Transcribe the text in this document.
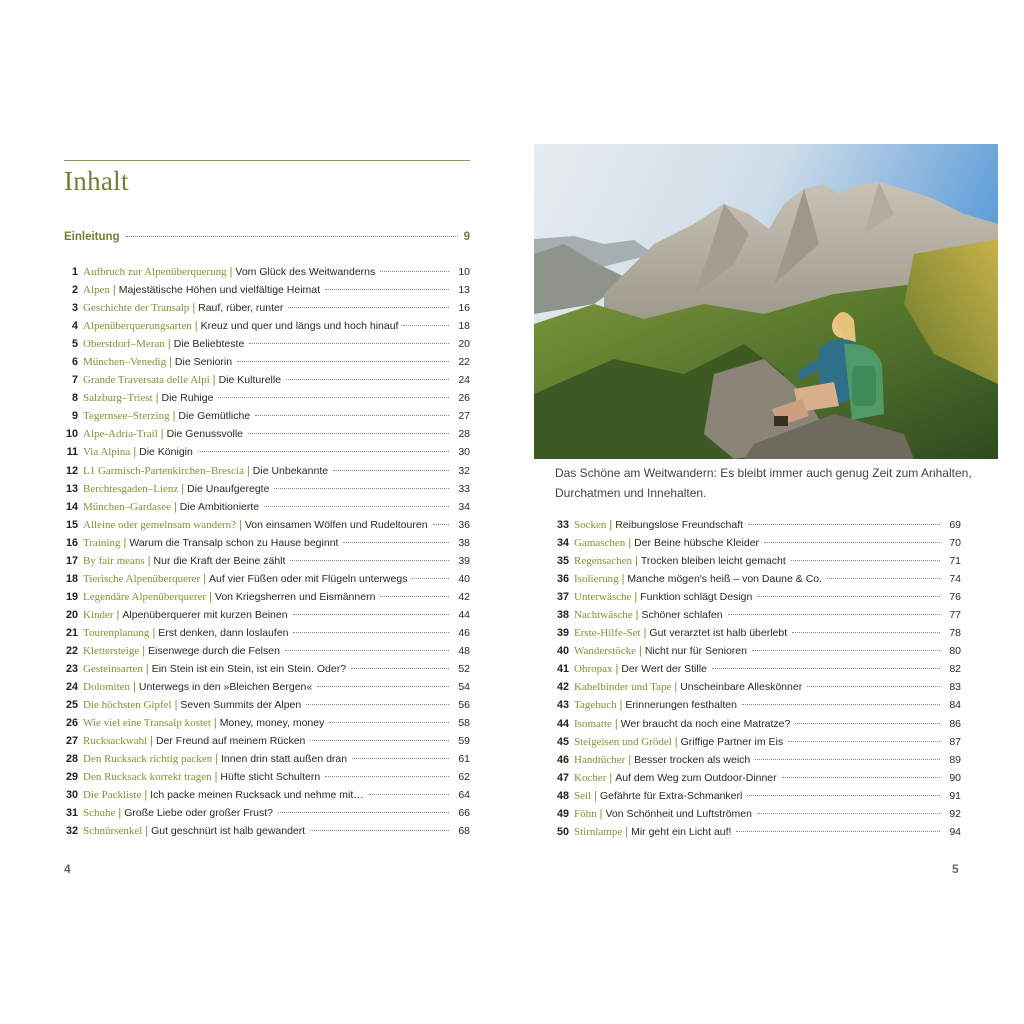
Inhalt
Einleitung	9
1 Aufbruch zur Alpenüberquerung | Vom Glück des Weitwanderns	10
2 Alpen | Majestätische Höhen und vielfältige Heimat	13
3 Geschichte der Transalp | Rauf, rüber, runter	16
4 Alpenüberquerungsarten | Kreuz und quer und längs und hoch hinauf	18
5 Oberstdorf–Meran | Die Beliebteste	20
6 München–Venedig | Die Seniorin	22
7 Grande Traversata delle Alpi | Die Kulturelle	24
8 Salzburg–Triest | Die Ruhige	26
9 Tegernsee–Sterzing | Die Gemütliche	27
10 Alpe-Adria-Trail | Die Genussvolle	28
11 Via Alpina | Die Königin	30
12 L1 Garmisch-Partenkirchen–Brescia | Die Unbekannte	32
13 Berchtesgaden–Lienz | Die Unaufgeregte	33
14 München–Gardasee | Die Ambitionierte	34
15 Alleine oder gemeinsam wandern? | Von einsamen Wölfen und Rudeltouren	36
16 Training | Warum die Transalp schon zu Hause beginnt	38
17 By fair means | Nur die Kraft der Beine zählt	39
18 Tierische Alpenüberquerer | Auf vier Füßen oder mit Flügeln unterwegs	40
19 Legendäre Alpenüberquerer | Von Kriegsherren und Eismännern	42
20 Kinder | Alpenüberquerer mit kurzen Beinen	44
21 Tourenplanung | Erst denken, dann loslaufen	46
22 Klettersteige | Eisenwege durch die Felsen	48
23 Gesteinsarten | Ein Stein ist ein Stein, ist ein Stein. Oder?	52
24 Dolomiten | Unterwegs in den »Bleichen Bergen«	54
25 Die höchsten Gipfel | Seven Summits der Alpen	56
26 Wie viel eine Transalp kostet | Money, money, money	58
27 Rucksackwahl | Der Freund auf meinem Rücken	59
28 Den Rucksack richtig packen | Innen drin statt außen dran	61
29 Den Rucksack korrekt tragen | Hüfte sticht Schultern	62
30 Die Packliste | Ich packe meinen Rucksack und nehme mit…	64
31 Schuhe | Große Liebe oder großer Frust?	66
32 Schnürsenkel | Gut geschnürt ist halb gewandert	68
Das Schöne am Weitwandern: Es bleibt immer auch genug Zeit zum Anhalten, Durchatmen und Innehalten.
33 Socken | Reibungslose Freundschaft	69
34 Gamaschen | Der Beine hübsche Kleider	70
35 Regensachen | Trocken bleiben leicht gemacht	71
36 Isolierung | Manche mögen's heiß – von Daune & Co.	74
37 Unterwäsche | Funktion schlägt Design	76
38 Nachtwäsche | Schöner schlafen	77
39 Erste-Hilfe-Set | Gut verarztet ist halb überlebt	78
40 Wanderstöcke | Nicht nur für Senioren	80
41 Ohropax | Der Wert der Stille	82
42 Kabelbinder und Tape | Unscheinbare Alleskönner	83
43 Tagebuch | Erinnerungen festhalten	84
44 Isomatte | Wer braucht da noch eine Matratze?	86
45 Steigeisen und Grödel | Griffige Partner im Eis	87
46 Handtücher | Besser trocken als weich	89
47 Kocher | Auf dem Weg zum Outdoor-Dinner	90
48 Seil | Gefährte für Extra-Schmankerl	91
49 Föhn | Von Schönheit und Luftströmen	92
50 Stirnlampe | Mir geht ein Licht auf!	94
4	5
